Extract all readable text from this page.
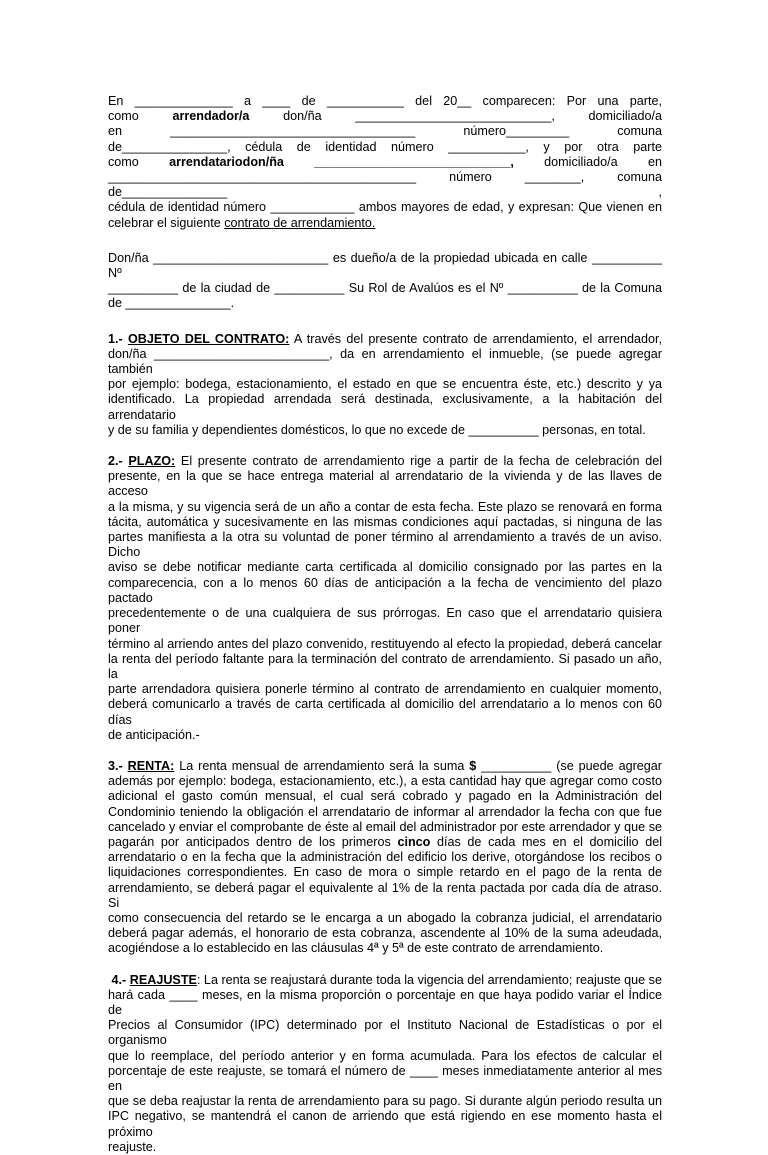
En ______________ a ____ de ___________ del 20__ comparecen: Por una parte,

como arrendador/a don/ña ____________________________, domiciliado/a

en ___________________________________ número_________ comuna

de_______________, cédula de identidad número ___________, y por otra parte

como arrendatariodon/ña ____________________________, domiciliado/a en

____________________________________________ número ________, comuna de_______________ ,

cédula de identidad número ____________ ambos mayores de edad, y expresan: Que vienen en

celebrar el siguiente contrato de arrendamiento.

Don/ña _________________________ es dueño/a de la propiedad ubicada en calle __________ Nº

__________ de la ciudad de __________ Su Rol de Avalúos es el Nº __________ de la Comuna

de _______________.

1.- OBJETO DEL CONTRATO: A través del presente contrato de arrendamiento, el arrendador,

don/ña _________________________, da en arrendamiento el inmueble, (se puede agregar también

por ejemplo: bodega, estacionamiento, el estado en que se encuentra éste, etc.) descrito y ya

identificado. La propiedad arrendada será destinada, exclusivamente, a la habitación del arrendatario

y de su familia y dependientes domésticos, lo que no excede de __________ personas, en total.

2.- PLAZO: El presente contrato de arrendamiento rige a partir de la fecha de celebración del

presente, en la que se hace entrega material al arrendatario de la vivienda y de las llaves de acceso

a la misma, y su vigencia será de un año a contar de esta fecha. Este plazo se renovará en forma

tácita, automática y sucesivamente en las mismas condiciones aquí pactadas, si ninguna de las

partes manifiesta a la otra su voluntad de poner término al arrendamiento a través de un aviso. Dicho

aviso se debe notificar mediante carta certificada al domicilio consignado por las partes en la

comparecencia, con a lo menos 60 días de anticipación a la fecha de vencimiento del plazo pactado

precedentemente o de una cualquiera de sus prórrogas. En caso que el arrendatario quisiera poner

término al arriendo antes del plazo convenido, restituyendo al efecto la propiedad, deberá cancelar

la renta del período faltante para la terminación del contrato de arrendamiento. Si pasado un año, la

parte arrendadora quisiera ponerle término al contrato de arrendamiento en cualquier momento,

deberá comunicarlo a través de carta certificada al domicilio del arrendatario a lo menos con 60 días

de anticipación.-

3.- RENTA: La renta mensual de arrendamiento será la suma $ __________ (se puede agregar

además por ejemplo: bodega, estacionamiento, etc.), a esta cantidad hay que agregar como costo

adicional el gasto común mensual, el cual será cobrado y pagado en la Administración del

Condominio teniendo la obligación el arrendatario de informar al arrendador la fecha con que fue

cancelado y enviar el comprobante de éste al email del administrador por este arrendador y que se

pagarán por anticipados dentro de los primeros cinco días de cada mes en el domicilio del

arrendatario o en la fecha que la administración del edificio los derive, otorgándose los recibos o

liquidaciones correspondientes. En caso de mora o simple retardo en el pago de la renta de

arrendamiento, se deberá pagar el equivalente al 1% de la renta pactada por cada día de atraso. Si

como consecuencia del retardo se le encarga a un abogado la cobranza judicial, el arrendatario

deberá pagar además, el honorario de esta cobranza, ascendente al 10% de la suma adeudada,

acogiéndose a lo establecido en las cláusulas 4ª y 5ª de este contrato de arrendamiento.

4.- REAJUSTE: La renta se reajustará durante toda la vigencia del arrendamiento; reajuste que se

hará cada ____ meses, en la misma proporción o porcentaje en que haya podido variar el Índice de

Precios al Consumidor (IPC) determinado por el Instituto Nacional de Estadísticas o por el organismo

que lo reemplace, del período anterior y en forma acumulada. Para los efectos de calcular el

porcentaje de este reajuste, se tomará el número de ____ meses inmediatamente anterior al mes en

que se deba reajustar la renta de arrendamiento para su pago. Si durante algún periodo resulta un

IPC negativo, se mantendrá el canon de arriendo que está rigiendo en ese momento hasta el próximo

reajuste.
